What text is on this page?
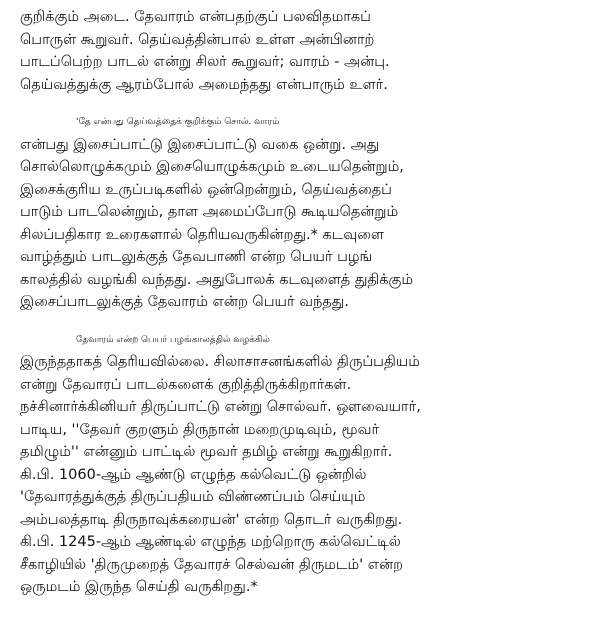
குறிக்கும் அடை. தேவாரம் என்பதற்குப் பலவிதமாகப்
பொருள் கூறுவர். தெய்வத்தின்பால் உள்ள அன்பினாற்
பாடப்பெற்ற பாடல் என்று சிலர் கூறுவர்; வாரம் - அன்பு.
தெய்வத்துக்கு ஆரம்போல் அமைந்தது என்பாரும் உளர்.
'தே என்பது தெய்வத்தைக் குறிக்கும் சொல். வாரம்
என்பது இசைப்பாட்டு இசைப்பாட்டு வகை ஒன்று. அது
சொல்லொழுக்கமும் இசையொழுக்கமும் உடையதென்றும்,
இசைக்குரிய உருப்படிகளில் ஒன்றென்றும், தெய்வத்தைப்
பாடும் பாடலென்றும், தாள அமைப்போடு கூடியதென்றும்
சிலப்பதிகார உரைகளால் தெரியவருகின்றது.* கடவுளை
வாழ்த்தும் பாடலுக்குத் தேவபாணி என்ற பெயர் பழங்
காலத்தில் வழங்கி வந்தது. அதுபோலக் கடவுளைத் துதிக்கும்
இசைப்பாடலுக்குத் தேவாரம் என்ற பெயர் வந்தது.
தேவாரம் என்ற பெயர் பழங்காலத்தில் வழக்கில்
இருந்ததாகத் தெரியவில்லை. சிலாசாசனங்களில் திருப்பதியம்
என்று தேவாரப் பாடல்களைக் குறித்திருக்கிறார்கள்.
நச்சினார்க்கினியர் திருப்பாட்டு என்று சொல்வர். ஔவையார்,
பாடிய, ''தேவர் குறளும் திருநான் மறைமுடிவும், மூவர்
தமிழும்'' என்னும் பாட்டில் மூவர் தமிழ் என்று கூறுகிறார்.
கி.பி. 1060-ஆம் ஆண்டு எழுந்த கல்வெட்டு ஒன்றில்
'தேவாரத்துக்குத் திருப்பதியம் விண்ணப்பம் செய்யும்
அம்பலத்தாடி திருநாவுக்கரையன்' என்ற தொடர் வருகிறது.
கி.பி. 1245-ஆம் ஆண்டில் எழுந்த மற்றொரு கல்வெட்டில்
சீகாழியில் 'திருமுறைத் தேவாரச் செல்வன் திருமடம்' என்ற
ஒருமடம் இருந்த செய்தி வருகிறது.*
